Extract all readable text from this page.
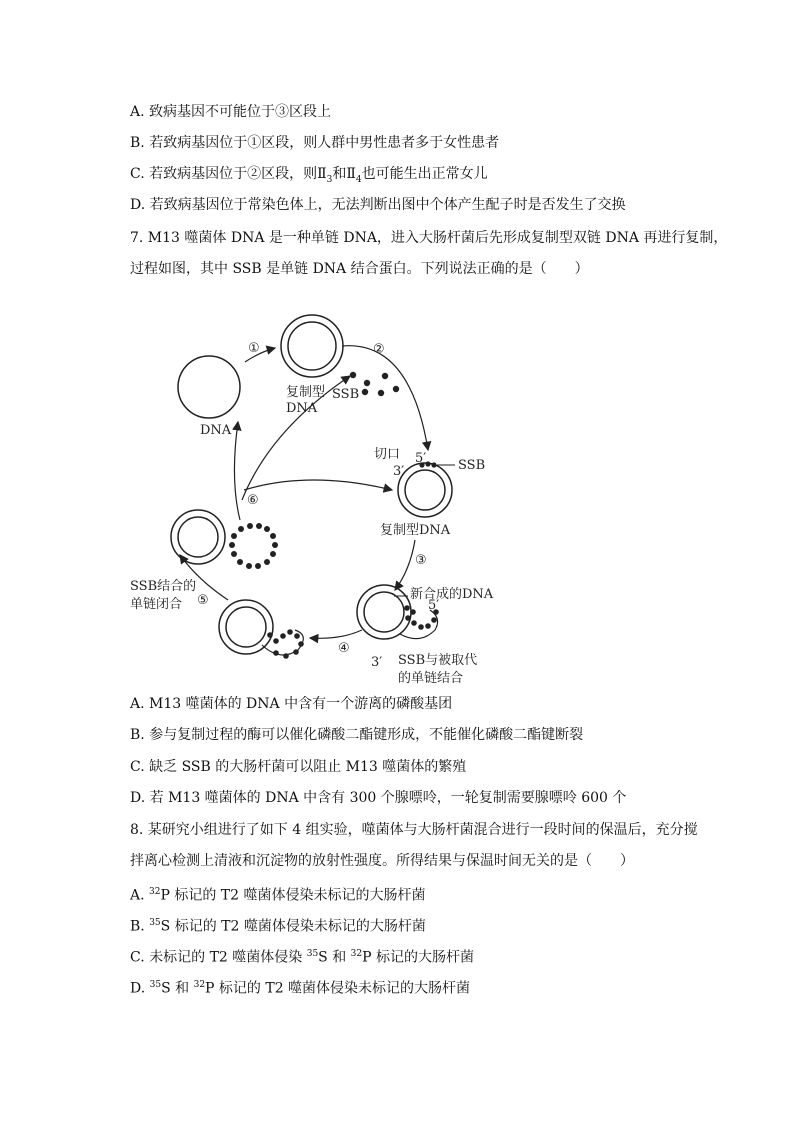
A. 致病基因不可能位于③区段上
B. 若致病基因位于①区段，则人群中男性患者多于女性患者
C. 若致病基因位于②区段，则$Ⅱ_3$和$Ⅱ_4$也可能生出正常女儿
D. 若致病基因位于常染色体上，无法判断出图中个体产生配子时是否发生了交换
7. M13 噬菌体 DNA 是一种单链 DNA，进入大肠杆菌后先形成复制型双链 DNA 再进行复制，
过程如图，其中 SSB 是单链 DNA 结合蛋白。下列说法正确的是（　　）
DNA
复制型
DNA
①
SSB
②
切口 5′
3′	SSB
复制型DNA
③
新合成的DNA
5′
3′ SSB与被取代
的单链结合
④
⑤
SSB结合的
单链闭合
⑥
A. M13 噬菌体的 DNA 中含有一个游离的磷酸基团
B. 参与复制过程的酶可以催化磷酸二酯键形成，不能催化磷酸二酯键断裂
C. 缺乏 SSB 的大肠杆菌可以阻止 M13 噬菌体的繁殖
D. 若 M13 噬菌体的 DNA 中含有 300 个腺嘌呤，一轮复制需要腺嘌呤 600 个
8. 某研究小组进行了如下 4 组实验，噬菌体与大肠杆菌混合进行一段时间的保温后，充分搅
拌离心检测上清液和沉淀物的放射性强度。所得结果与保温时间无关的是（　　）
A. $^{32}$P 标记的 T2 噬菌体侵染未标记的大肠杆菌
B. $^{35}$S 标记的 T2 噬菌体侵染未标记的大肠杆菌
C. 未标记的 T2 噬菌体侵染 $^{35}$S 和 $^{32}$P 标记的大肠杆菌
D. $^{35}$S 和 $^{32}$P 标记的 T2 噬菌体侵染未标记的大肠杆菌
